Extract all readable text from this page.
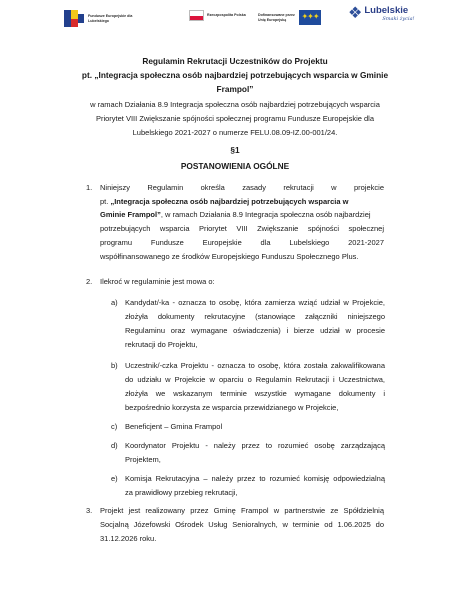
Fundusze Europejskie dla Lubelskiego
Rzeczpospolita Polska	Dofinansowane przez Unię Europejską	✦✦✦ ❖ Lubelskie
Smaki życia!
Regulamin Rekrutacji Uczestników do Projektu
pt. „Integracja społeczna osób najbardziej potrzebujących wsparcia w Gminie
Frampol”
w ramach Działania 8.9 Integracja społeczna osób najbardziej potrzebujących wsparcia
Priorytet VIII Zwiększanie spójności społecznej programu Fundusze Europejskie dla
Lubelskiego 2021-2027 o numerze FELU.08.09-IZ.00-001/24.
§1
POSTANOWIENIA OGÓLNE
1. Niniejszy Regulamin określa zasady rekrutacji w projekcie
pt. „Integracja społeczna osób najbardziej potrzebujących wsparcia w
Gminie Frampol”, w ramach Działania 8.9 Integracja społeczna osób najbardziej
potrzebujących wsparcia Priorytet VIII Zwiększanie spójności społecznej
programu Fundusze Europejskie dla Lubelskiego 2021-2027
współfinansowanego ze środków Europejskiego Funduszu Społecznego Plus.
2. Ilekroć w regulaminie jest mowa o:
a) Kandydat/-ka - oznacza to osobę, która zamierza wziąć udział w Projekcie,
złożyła dokumenty rekrutacyjne (stanowiące załączniki niniejszego
Regulaminu oraz wymagane oświadczenia) i bierze udział w procesie
rekrutacji do Projektu,
b) Uczestnik/-czka Projektu - oznacza to osobę, która została zakwalifikowana
do udziału w Projekcie w oparciu o Regulamin Rekrutacji i Uczestnictwa,
złożyła we wskazanym terminie wszystkie wymagane dokumenty i
bezpośrednio korzysta ze wsparcia przewidzianego w Projekcie,
c) Beneficjent – Gmina Frampol
d) Koordynator Projektu - należy przez to rozumieć osobę zarządzającą
Projektem,
e) Komisja Rekrutacyjna – należy przez to rozumieć komisję odpowiedzialną
za prawidłowy przebieg rekrutacji,
3. Projekt jest realizowany przez Gminę Frampol w partnerstwie ze Spółdzielnią
Socjalną Józefowski Ośrodek Usług Senioralnych, w terminie od 1.06.2025 do
31.12.2026 roku.
